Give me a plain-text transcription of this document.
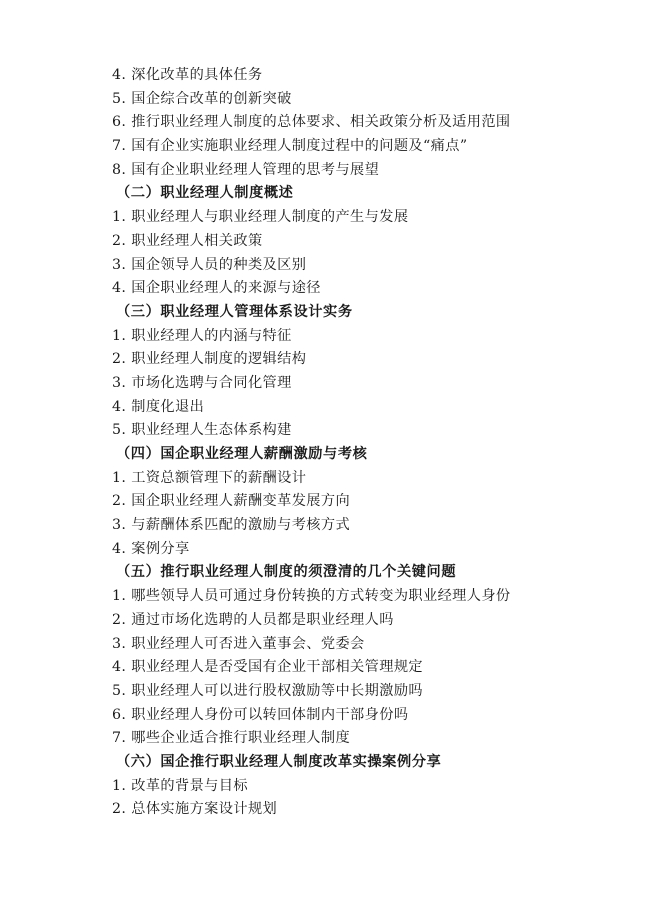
4. 深化改革的具体任务
5. 国企综合改革的创新突破
6. 推行职业经理人制度的总体要求、相关政策分析及适用范围
7. 国有企业实施职业经理人制度过程中的问题及“痛点”
8. 国有企业职业经理人管理的思考与展望
（二）职业经理人制度概述
1. 职业经理人与职业经理人制度的产生与发展
2. 职业经理人相关政策
3. 国企领导人员的种类及区别
4. 国企职业经理人的来源与途径
（三）职业经理人管理体系设计实务
1. 职业经理人的内涵与特征
2. 职业经理人制度的逻辑结构
3. 市场化选聘与合同化管理
4. 制度化退出
5. 职业经理人生态体系构建
（四）国企职业经理人薪酬激励与考核
1. 工资总额管理下的薪酬设计
2. 国企职业经理人薪酬变革发展方向
3. 与薪酬体系匹配的激励与考核方式
4. 案例分享
（五）推行职业经理人制度的须澄清的几个关键问题
1. 哪些领导人员可通过身份转换的方式转变为职业经理人身份
2. 通过市场化选聘的人员都是职业经理人吗
3. 职业经理人可否进入董事会、党委会
4. 职业经理人是否受国有企业干部相关管理规定
5. 职业经理人可以进行股权激励等中长期激励吗
6. 职业经理人身份可以转回体制内干部身份吗
7. 哪些企业适合推行职业经理人制度
（六）国企推行职业经理人制度改革实操案例分享
1. 改革的背景与目标
2. 总体实施方案设计规划
